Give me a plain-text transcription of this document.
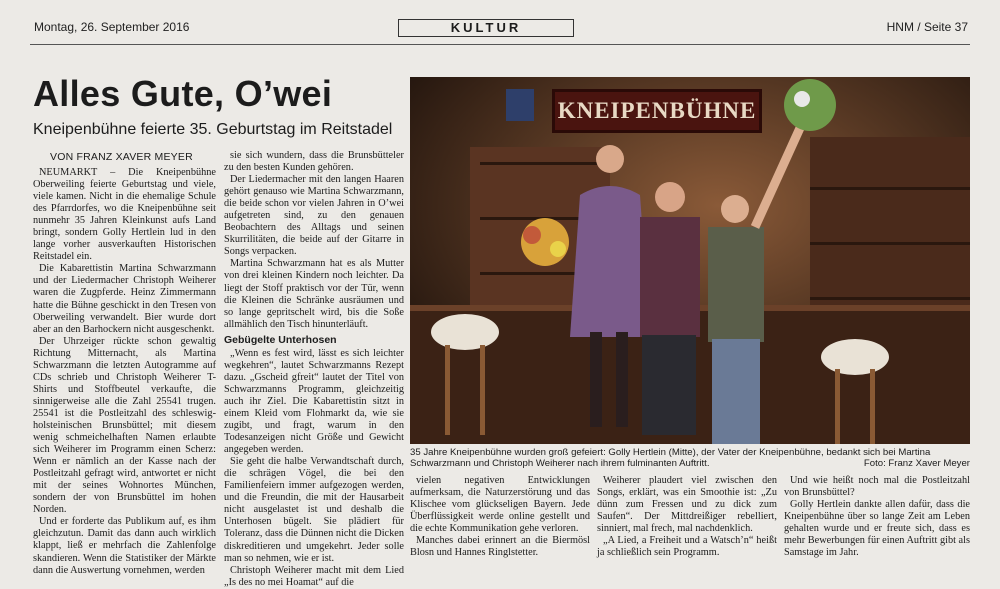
Montag, 26. September 2016	KULTUR	HNM / Seite 37
Alles Gute, O’wei
Kneipenbühne feierte 35. Geburtstag im Reitstadel
VON FRANZ XAVER MEYER

NEUMARKT – Die Kneipenbühne Oberweiling feierte Geburtstag und viele, viele kamen. Nicht in die ehemalige Schule des Pfarrdorfes, wo die Kneipenbühne seit nunmehr 35 Jahren Kleinkunst aufs Land bringt, sondern Golly Hertlein lud in den lange vorher ausverkauften Historischen Reitstadel ein.

Die Kabarettistin Martina Schwarzmann und der Liedermacher Christoph Weiherer waren die Zugpferde. Heinz Zimmermann hatte die Bühne geschickt in den Tresen von Oberweiling verwandelt. Bier wurde dort aber an den Barhockern nicht ausgeschenkt.

Der Uhrzeiger rückte schon gewaltig Richtung Mitternacht, als Martina Schwarzmann die letzten Autogramme auf CDs schrieb und Christoph Weiherer T-Shirts und Stoffbeutel verkaufte, die sinnigerweise alle die Zahl 25541 trugen. 25541 ist die Postleitzahl des schleswig-holsteinischen Brunsbüttel; mit diesem wenig schmeichelhaften Namen erlaubte sich Weiherer im Programm einen Scherz: Wenn er nämlich an der Kasse nach der Postleitzahl gefragt wird, antwortet er nicht mit der seines Wohnortes München, sondern der von Brunsbüttel im hohen Norden.

Und er forderte das Publikum auf, es ihm gleichzutun. Damit das dann auch wirklich klappt, ließ er mehrfach die Zahlenfolge skandieren. Wenn die Statistiker der Märkte dann die Auswertung vornehmen, werden

sie sich wundern, dass die Brunsbütteler zu den besten Kunden gehören.

Der Liedermacher mit den langen Haaren gehört genauso wie Martina Schwarzmann, die beide schon vor vielen Jahren in O’wei aufgetreten sind, zu den genauen Beobachtern des Alltags und seinen Skurrilitäten, die beide auf der Gitarre in Songs verpacken.

Martina Schwarzmann hat es als Mutter von drei kleinen Kindern noch leichter. Da liegt der Stoff praktisch vor der Tür, wenn die Kleinen die Schränke ausräumen und so lange gepritschelt wird, bis die Soße allmählich den Tisch hinunterläuft.

Gebügelte Unterhosen

„Wenn es fest wird, lässt es sich leichter wegkehren“, lautet Schwarzmanns Rezept dazu. „Gscheid gfreit“ lautet der Titel von Schwarzmanns Programm, gleichzeitig auch ihr Ziel. Die Kabarettistin sitzt in einem Kleid vom Flohmarkt da, wie sie zugibt, und fragt, warum in den Todesanzeigen nicht Größe und Gewicht angegeben werden.

Sie geht die halbe Verwandtschaft durch, die schrägen Vögel, die bei den Familienfeiern immer aufgezogen werden, und die Freundin, die mit der Hausarbeit nicht ausgelastet ist und deshalb die Unterhosen bügelt. Sie plädiert für Toleranz, dass die Dünnen nicht die Dicken diskreditieren und umgekehrt. Jeder solle man so nehmen, wie er ist.

Christoph Weiherer macht mit dem Lied „Is des no mei Hoamat“ auf die

KNEIPENBÜHNE
35 Jahre Kneipenbühne wurden groß gefeiert: Golly Hertlein (Mitte), der Vater der Kneipenbühne, bedankt sich bei Martina Schwarzmann und Christoph Weiherer nach ihrem fulminanten Auftritt.	Foto: Franz Xaver Meyer

vielen negativen Entwicklungen aufmerksam, die Naturzerstörung und das Klischee vom glückseligen Bayern. Jede Überflüssigkeit werde online gestellt und die echte Kommunikation gehe verloren.

Manches dabei erinnert an die Biermösl Blosn und Hannes Ringlstetter.

Weiherer plaudert viel zwischen den Songs, erklärt, was ein Smoothie ist: „Zu dünn zum Fressen und zu dick zum Saufen“. Der Mittdreißiger rebelliert, sinniert, mal frech, mal nachdenklich.

„A Lied, a Freiheit und a Watsch’n“ heißt ja schließlich sein Programm.

Und wie heißt noch mal die Postleitzahl von Brunsbüttel?

Golly Hertlein dankte allen dafür, dass die Kneipenbühne über so lange Zeit am Leben gehalten wurde und er freute sich, dass es mehr Bewerbungen für einen Auftritt gibt als Samstage im Jahr.
